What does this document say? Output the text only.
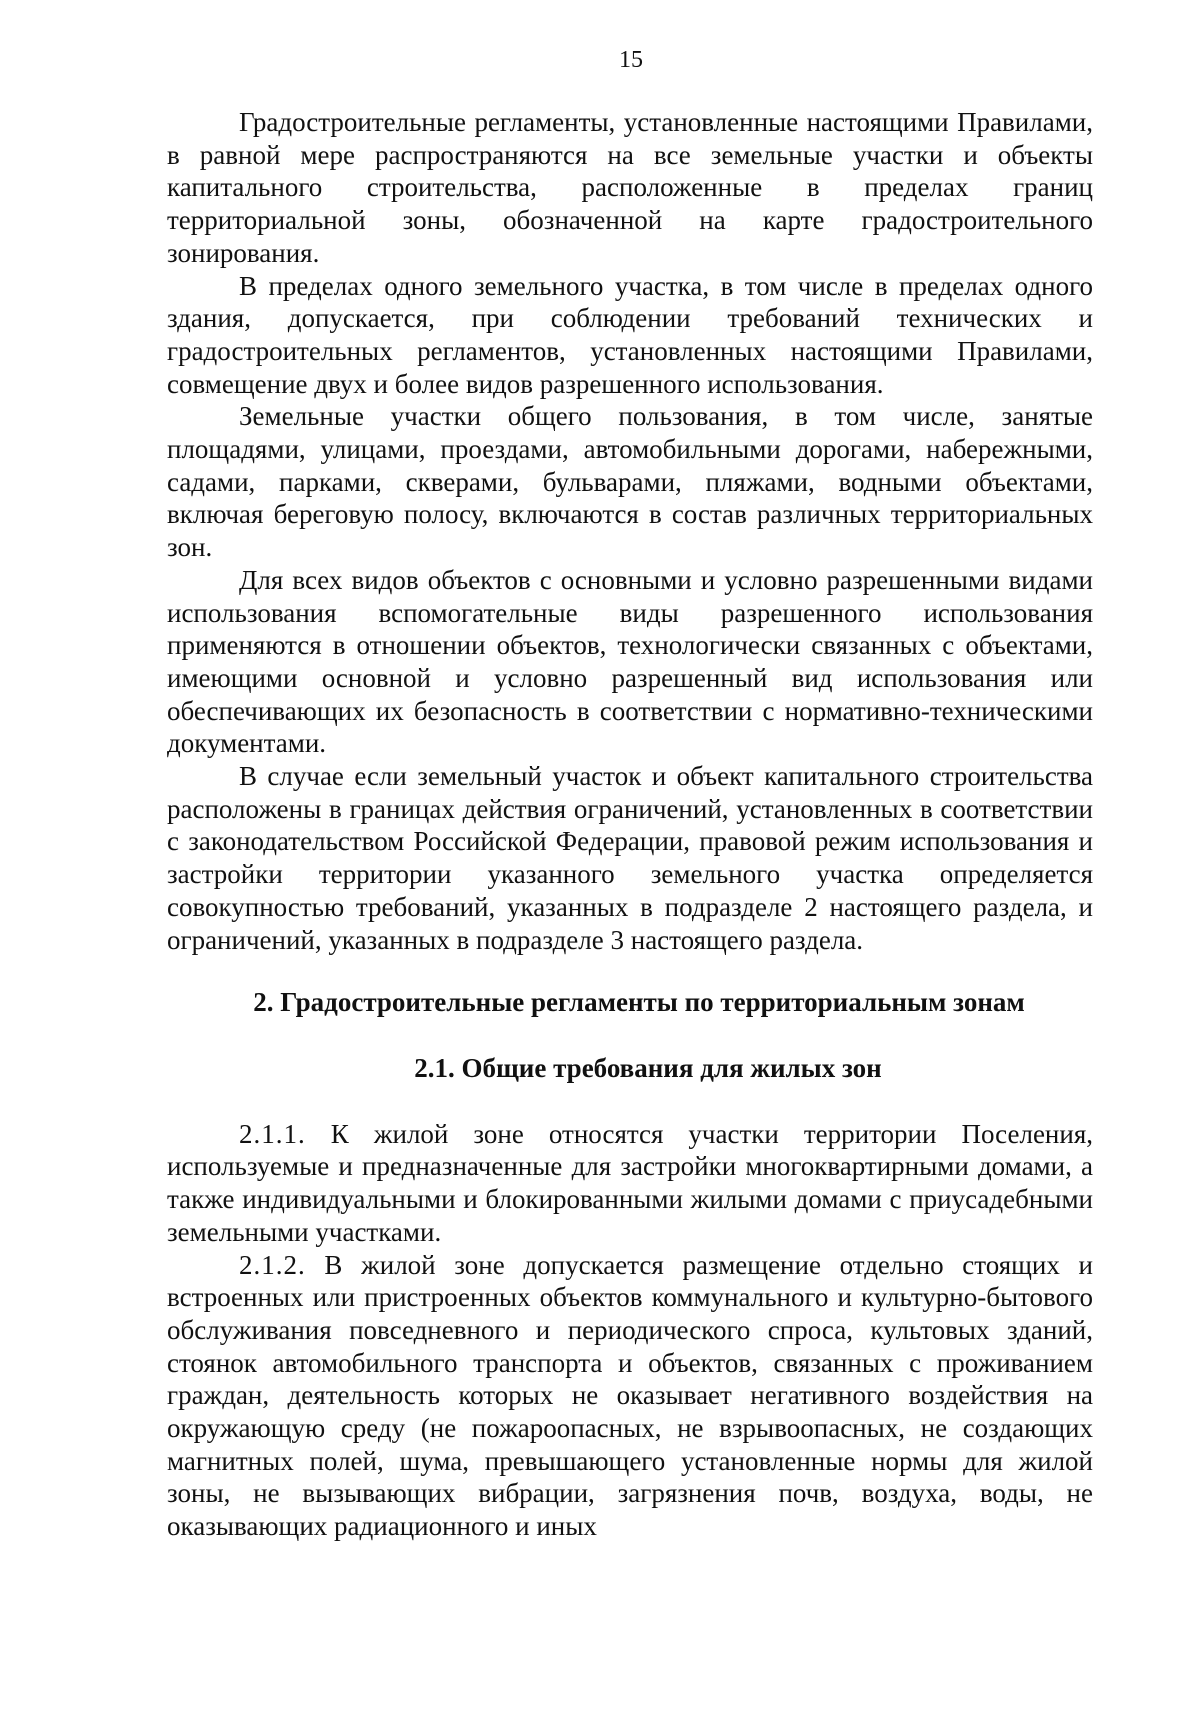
15

Градостроительные регламенты, установленные настоящими Правилами, в равной мере распространяются на все земельные участки и объекты капитального строительства, расположенные в пределах границ территориальной зоны, обозначенной на карте градостроительного зонирования.

В пределах одного земельного участка, в том числе в пределах одного здания, допускается, при соблюдении требований технических и градостроительных регламентов, установленных настоящими Правилами, совмещение двух и более видов разрешенного использования.

Земельные участки общего пользования, в том числе, занятые площадями, улицами, проездами, автомобильными дорогами, набережными, садами, парками, скверами, бульварами, пляжами, водными объектами, включая береговую полосу, включаются в состав различных территориальных зон.

Для всех видов объектов с основными и условно разрешенными видами использования вспомогательные виды разрешенного использования применяются в отношении объектов, технологически связанных с объектами, имеющими основной и условно разрешенный вид использования или обеспечивающих их безопасность в соответствии с нормативно-техническими документами.

В случае если земельный участок и объект капитального строительства расположены в границах действия ограничений, установленных в соответствии с законодательством Российской Федерации, правовой режим использования и застройки территории указанного земельного участка определяется совокупностью требований, указанных в подразделе 2 настоящего раздела, и ограничений, указанных в подразделе 3 настоящего раздела.

2. Градостроительные регламенты по территориальным зонам

2.1. Общие требования для жилых зон

2.1.1. К жилой зоне относятся участки территории Поселения, используемые и предназначенные для застройки многоквартирными домами, а также индивидуальными и блокированными жилыми домами с приусадебными земельными участками.

2.1.2. В жилой зоне допускается размещение отдельно стоящих и встроенных или пристроенных объектов коммунального и культурно-бытового обслуживания повседневного и периодического спроса, культовых зданий, стоянок автомобильного транспорта и объектов, связанных с проживанием граждан, деятельность которых не оказывает негативного воздействия на окружающую среду (не пожароопасных, не взрывоопасных, не создающих магнитных полей, шума, превышающего установленные нормы для жилой зоны, не вызывающих вибрации, загрязнения почв, воздуха, воды, не оказывающих радиационного и иных
